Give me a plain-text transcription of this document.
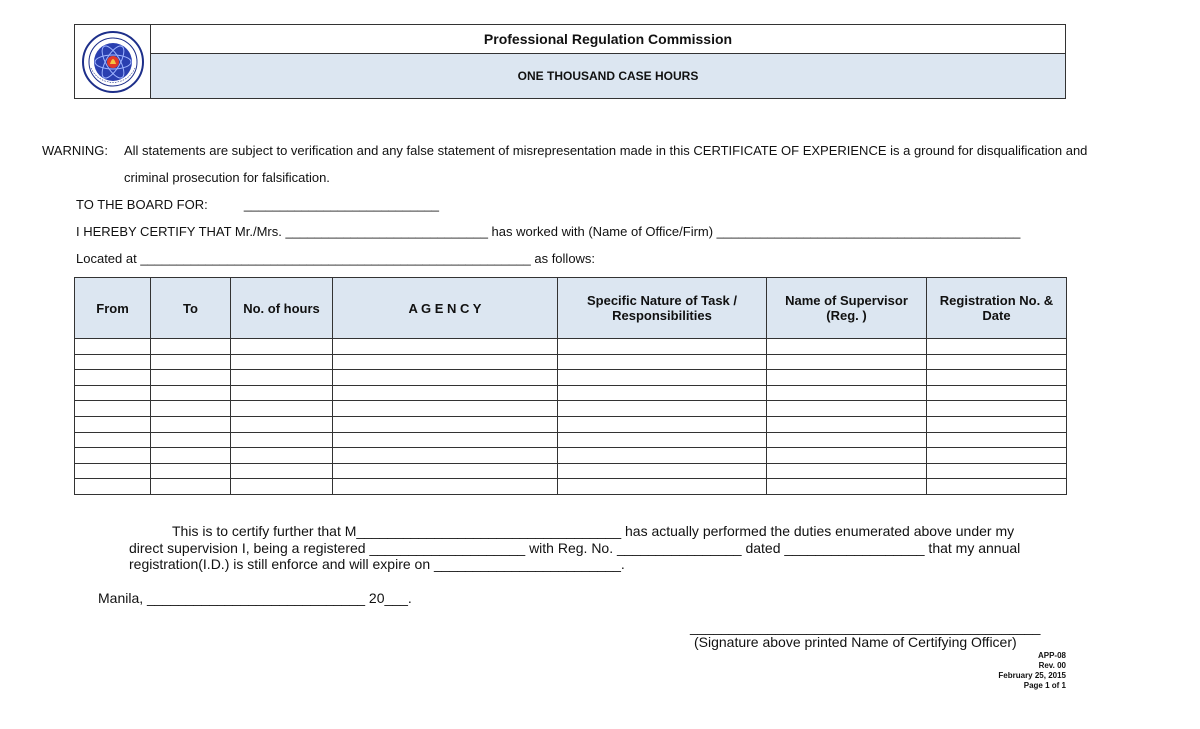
Professional Regulation Commission
ONE THOUSAND CASE HOURS
WARNING: All statements are subject to verification and any false statement of misrepresentation made in this CERTIFICATE OF EXPERIENCE is a ground for disqualification and
criminal prosecution for falsification.
TO THE BOARD FOR:          ___________________________
I HEREBY CERTIFY THAT Mr./Mrs. ____________________________ has worked with (Name of Office/Firm) __________________________________________
Located at ______________________________________________________ as follows:
From	To	No. of hours	A G E N C Y	Specific Nature of Task / Responsibilities	Name of Supervisor (Reg. )	Registration No. & Date

This is to certify further that M__________________________________ has actually performed the duties enumerated above under my
direct supervision I, being a registered ____________________ with Reg. No. ________________ dated __________________ that my annual
registration(I.D.) is still enforce and will expire on ________________________.
Manila, ____________________________ 20___.
_____________________________________________
(Signature above printed Name of Certifying Officer)
APP-08
Rev. 00
February 25, 2015
Page 1 of 1
